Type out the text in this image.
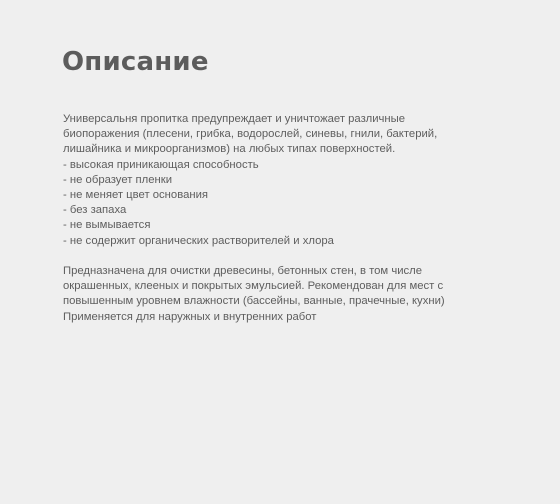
Описание
Универсальня пропитка предупреждает и уничтожает различные
биопоражения (плесени, грибка, водорослей, синевы, гнили, бактерий,
лишайника и микроорганизмов) на любых типах поверхностей.
- высокая приникающая способность
- не образует пленки
- не меняет цвет основания
- без запаха
- не вымывается
- не содержит органических растворителей и хлора
Предназначена для очистки древесины, бетонных стен, в том числе
окрашенных, клееных и покрытых эмульсией. Рекомендован для мест с
повышенным уровнем влажности (бассейны, ванные, прачечные, кухни)
Применяется для наружных и внутренних работ
